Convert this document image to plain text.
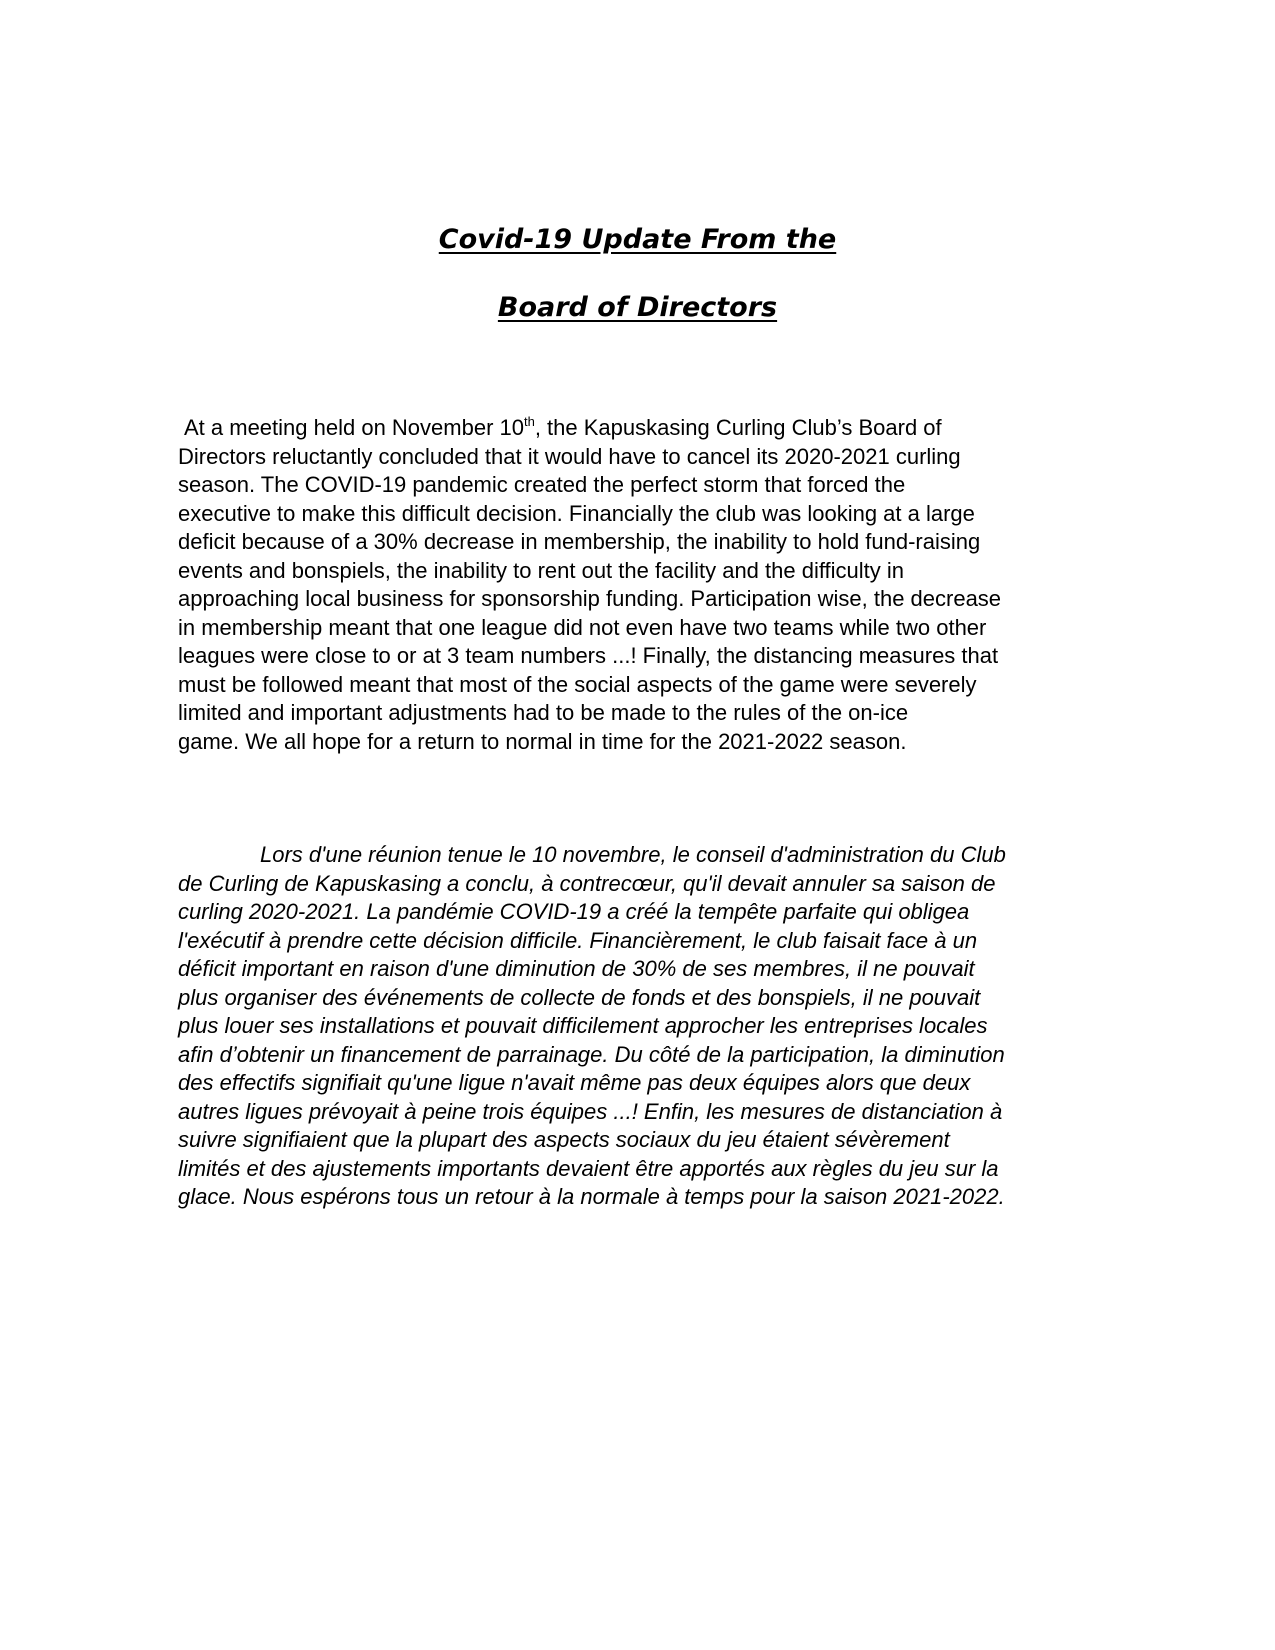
Covid-19 Update From the
Board of Directors
At a meeting held on November 10th, the Kapuskasing Curling Club’s Board of
Directors reluctantly concluded that it would have to cancel its 2020-2021 curling
season. The COVID-19 pandemic created the perfect storm that forced the
executive to make this difficult decision. Financially the club was looking at a large
deficit because of a 30% decrease in membership, the inability to hold fund-raising
events and bonspiels, the inability to rent out the facility and the difficulty in
approaching local business for sponsorship funding. Participation wise, the decrease
in membership meant that one league did not even have two teams while two other
leagues were close to or at 3 team numbers ...! Finally, the distancing measures that
must be followed meant that most of the social aspects of the game were severely
limited and important adjustments had to be made to the rules of the on-ice
game. We all hope for a return to normal in time for the 2021-2022 season.
Lors d'une réunion tenue le 10 novembre, le conseil d'administration du Club
de Curling de Kapuskasing a conclu, à contrecœur, qu'il devait annuler sa saison de
curling 2020-2021. La pandémie COVID-19 a créé la tempête parfaite qui obligea
l'exécutif à prendre cette décision difficile. Financièrement, le club faisait face à un
déficit important en raison d'une diminution de 30% de ses membres, il ne pouvait
plus organiser des événements de collecte de fonds et des bonspiels, il ne pouvait
plus louer ses installations et pouvait difficilement approcher les entreprises locales
afin d’obtenir un financement de parrainage. Du côté de la participation, la diminution
des effectifs signifiait qu'une ligue n'avait même pas deux équipes alors que deux
autres ligues prévoyait à peine trois équipes ...! Enfin, les mesures de distanciation à
suivre signifiaient que la plupart des aspects sociaux du jeu étaient sévèrement
limités et des ajustements importants devaient être apportés aux règles du jeu sur la
glace. Nous espérons tous un retour à la normale à temps pour la saison 2021-2022.
